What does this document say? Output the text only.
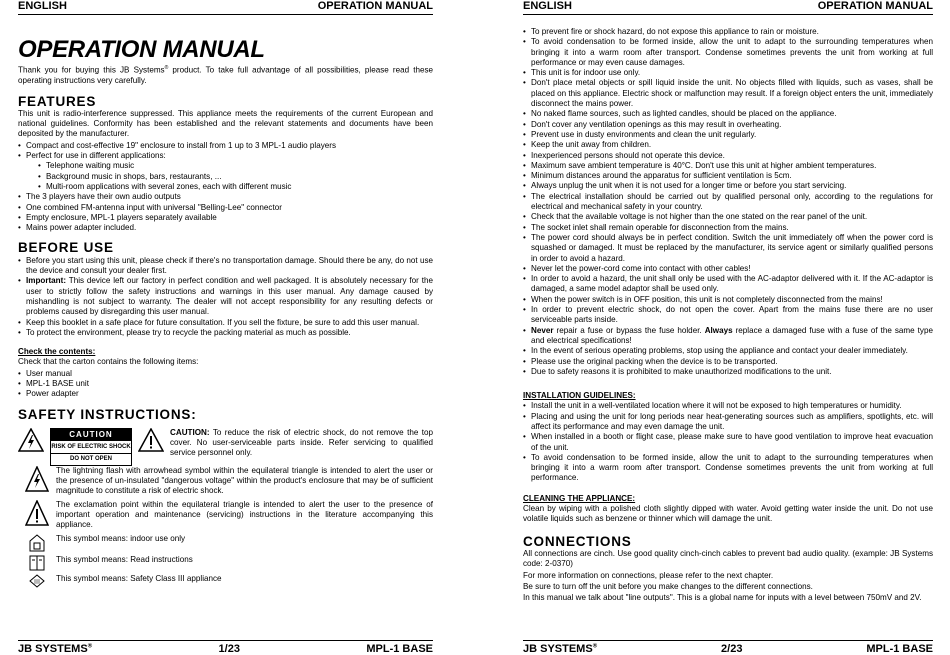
ENGLISH	OPERATION MANUAL
OPERATION MANUAL

Thank you for buying this JB Systems® product. To take full advantage of all possibilities, please read these operating instructions very carefully.

FEATURES

This unit is radio-interference suppressed. This appliance meets the requirements of the current European and national guidelines. Conformity has been established and the relevant statements and documents have been deposited by the manufacturer.

• Compact and cost-effective 19" enclosure to install from 1 up to 3 MPL-1 audio players
• Perfect for use in different applications:
• Telephone waiting music
• Background music in shops, bars, restaurants, ...
• Multi-room applications with several zones, each with different music
• The 3 players have their own audio outputs
• One combined FM-antenna input with universal "Belling-Lee" connector
• Empty enclosure, MPL-1 players separately available
• Mains power adapter included.
BEFORE USE
• Before you start using this unit, please check if there's no transportation damage. Should there be any, do not use the device and consult your dealer first.
• Important: This device left our factory in perfect condition and well packaged. It is absolutely necessary for the user to strictly follow the safety instructions and warnings in this user manual. Any damage caused by mishandling is not subject to warranty. The dealer will not accept responsibility for any resulting defects or problems caused by disregarding this user manual.
• Keep this booklet in a safe place for future consultation. If you sell the fixture, be sure to add this user manual.
• To protect the environment, please try to recycle the packing material as much as possible.
Check the contents:

Check that the carton contains the following items:

• User manual
• MPL-1 BASE unit
• Power adapter
SAFETY INSTRUCTIONS:
CAUTION
RISK OF ELECTRIC SHOCK
DO NOT OPEN

CAUTION: To reduce the risk of electric shock, do not remove the top cover. No user-serviceable parts inside. Refer servicing to qualified service personnel only.

The lightning flash with arrowhead symbol within the equilateral triangle is intended to alert the user or the presence of un-insulated "dangerous voltage" within the product's enclosure that may be of sufficient magnitude to constitute a risk of electric shock.
The exclamation point within the equilateral triangle is intended to alert the user to the presence of important operation and maintenance (servicing) instructions in the literature accompanying this appliance.
This symbol means: indoor use only
This symbol means: Read instructions
III This symbol means: Safety Class III appliance
JB SYSTEMS®	1/23	MPL-1 BASE
ENGLISH	OPERATION MANUAL
• To prevent fire or shock hazard, do not expose this appliance to rain or moisture.
• To avoid condensation to be formed inside, allow the unit to adapt to the surrounding temperatures when bringing it into a warm room after transport. Condense sometimes prevents the unit from working at full performance or may even cause damages.
• This unit is for indoor use only.
• Don't place metal objects or spill liquid inside the unit. No objects filled with liquids, such as vases, shall be placed on this appliance. Electric shock or malfunction may result. If a foreign object enters the unit, immediately disconnect the mains power.
• No naked flame sources, such as lighted candles, should be placed on the appliance.
• Don't cover any ventilation openings as this may result in overheating.
• Prevent use in dusty environments and clean the unit regularly.
• Keep the unit away from children.
• Inexperienced persons should not operate this device.
• Maximum save ambient temperature is 40°C. Don't use this unit at higher ambient temperatures.
• Minimum distances around the apparatus for sufficient ventilation is 5cm.
• Always unplug the unit when it is not used for a longer time or before you start servicing.
• The electrical installation should be carried out by qualified personal only, according to the regulations for electrical and mechanical safety in your country.
• Check that the available voltage is not higher than the one stated on the rear panel of the unit.
• The socket inlet shall remain operable for disconnection from the mains.
• The power cord should always be in perfect condition. Switch the unit immediately off when the power cord is squashed or damaged. It must be replaced by the manufacturer, its service agent or similarly qualified persons in order to avoid a hazard.
• Never let the power-cord come into contact with other cables!
• In order to avoid a hazard, the unit shall only be used with the AC-adaptor delivered with it. If the AC-adaptor is damaged, a same model adaptor shall be used only.
• When the power switch is in OFF position, this unit is not completely disconnected from the mains!
• In order to prevent electric shock, do not open the cover. Apart from the mains fuse there are no user serviceable parts inside.
• Never repair a fuse or bypass the fuse holder. Always replace a damaged fuse with a fuse of the same type and electrical specifications!
• In the event of serious operating problems, stop using the appliance and contact your dealer immediately.
• Please use the original packing when the device is to be transported.
• Due to safety reasons it is prohibited to make unauthorized modifications to the unit.
INSTALLATION GUIDELINES:
• Install the unit in a well-ventilated location where it will not be exposed to high temperatures or humidity.
• Placing and using the unit for long periods near heat-generating sources such as amplifiers, spotlights, etc. will affect its performance and may even damage the unit.
• When installed in a booth or flight case, please make sure to have good ventilation to improve heat evacuation of the unit.
• To avoid condensation to be formed inside, allow the unit to adapt to the surrounding temperatures when bringing it into a warm room after transport. Condense sometimes prevents the unit from working at full performance.
CLEANING THE APPLIANCE:

Clean by wiping with a polished cloth slightly dipped with water. Avoid getting water inside the unit. Do not use volatile liquids such as benzene or thinner which will damage the unit.

CONNECTIONS

All connections are cinch. Use good quality cinch-cinch cables to prevent bad audio quality. (example: JB Systems code: 2-0370)

For more information on connections, please refer to the next chapter.

Be sure to turn off the unit before you make changes to the different connections.

In this manual we talk about "line outputs". This is a global name for inputs with a level between 750mV and 2V.

JB SYSTEMS®	2/23	MPL-1 BASE
